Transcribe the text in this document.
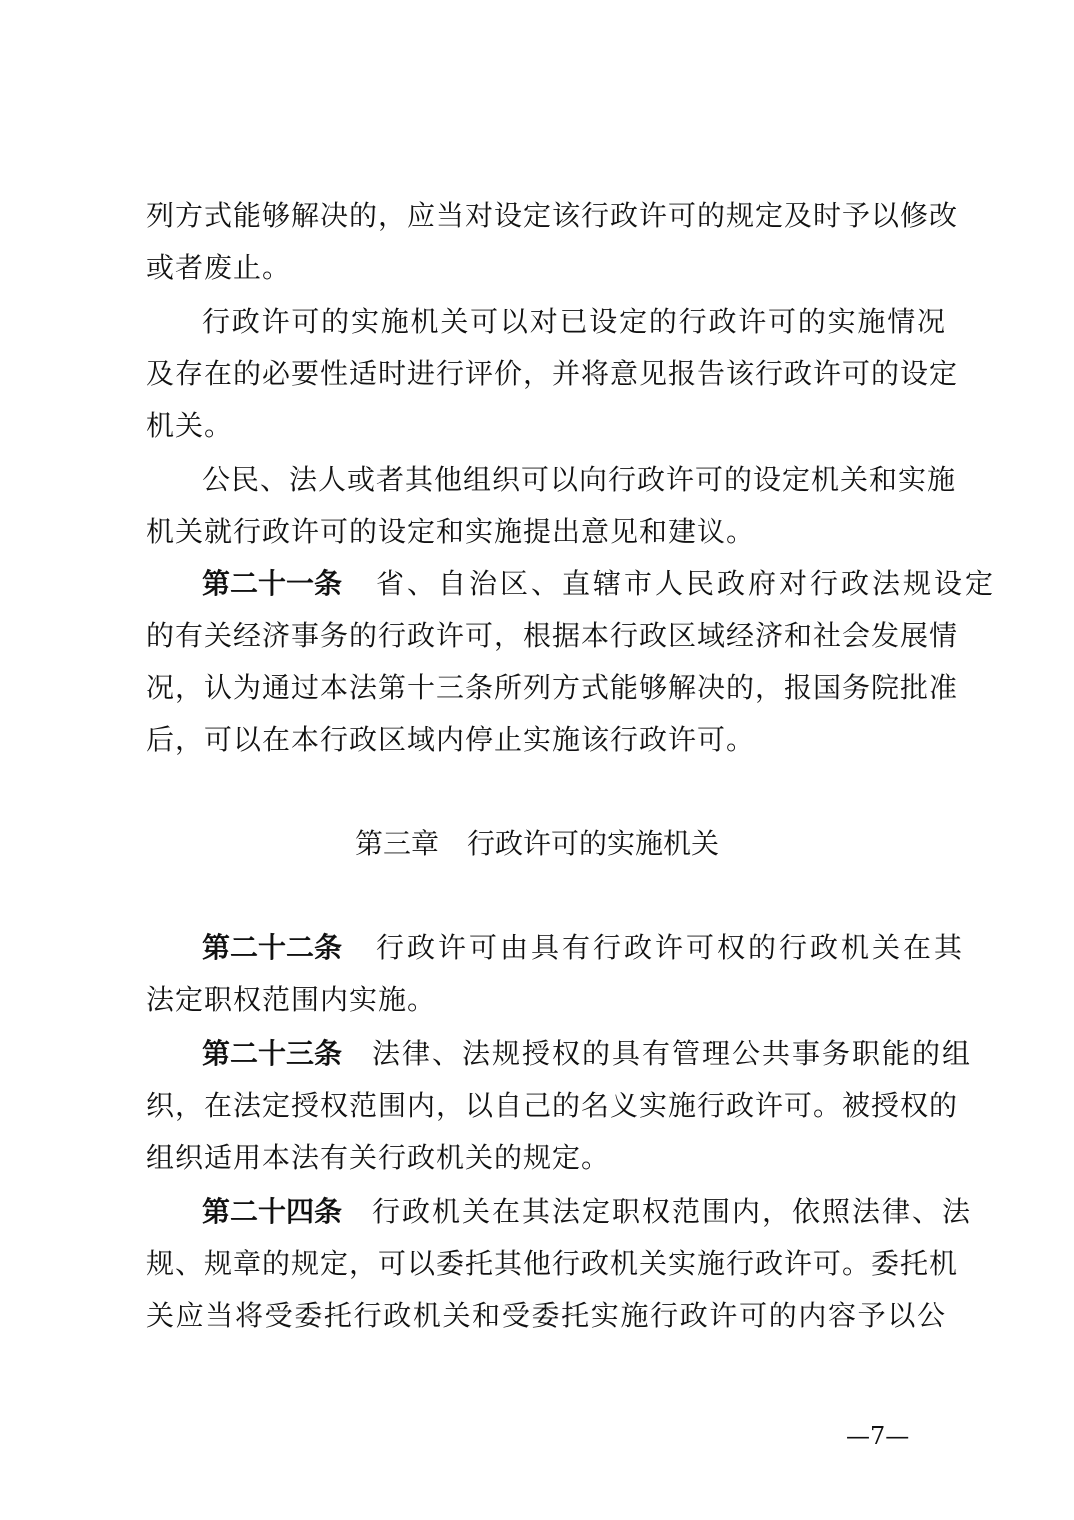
列方式能够解决的，应当对设定该行政许可的规定及时予以修改
或者废止。
行政许可的实施机关可以对已设定的行政许可的实施情况
及存在的必要性适时进行评价，并将意见报告该行政许可的设定
机关。
公民、法人或者其他组织可以向行政许可的设定机关和实施
机关就行政许可的设定和实施提出意见和建议。
第二十一条 省、自治区、直辖市人民政府对行政法规设定
的有关经济事务的行政许可，根据本行政区域经济和社会发展情
况，认为通过本法第十三条所列方式能够解决的，报国务院批准
后，可以在本行政区域内停止实施该行政许可。
第三章 行政许可的实施机关
第二十二条 行政许可由具有行政许可权的行政机关在其
法定职权范围内实施。
第二十三条 法律、法规授权的具有管理公共事务职能的组
织，在法定授权范围内，以自己的名义实施行政许可。被授权的
组织适用本法有关行政机关的规定。
第二十四条 行政机关在其法定职权范围内，依照法律、法
规、规章的规定，可以委托其他行政机关实施行政许可。委托机
关应当将受委托行政机关和受委托实施行政许可的内容予以公
—7—
